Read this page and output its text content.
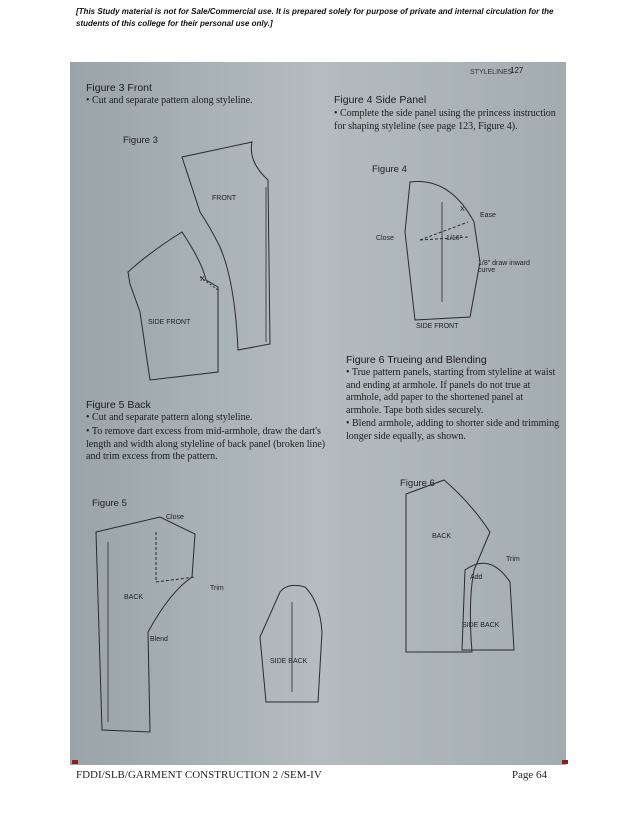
[This Study material is not for Sale/Commercial use. It is prepared solely for purpose of private and internal circulation for the students of this college for their personal use only.]
STYLELINES
127
Figure 3 Front
• Cut and separate pattern along styleline.
Figure 3
FRONT
X
SIDE FRONT
Figure 5 Back
• Cut and separate pattern along styleline.
• To remove dart excess from mid-armhole, draw the dart's length and width along styleline of back panel (broken line) and trim excess from the pattern.
Figure 5
Close
Trim
BACK
Blend
SIDE BACK
Figure 4 Side Panel
• Complete the side panel using the princess instruction for shaping styleline (see page 123, Figure 4).
Figure 4
X
Ease
Close	1/16"
1/8" draw inward curve
SIDE FRONT
Figure 6 Trueing and Blending
• True pattern panels, starting from styleline at waist and ending at armhole. If panels do not true at armhole, add paper to the shortened panel at armhole. Tape both sides securely.
• Blend armhole, adding to shorter side and trimming longer side equally, as shown.
Figure 6
BACK
Trim
Add
SIDE BACK
FDDI/SLB/GARMENT CONSTRUCTION 2 /SEM-IV	Page 64
